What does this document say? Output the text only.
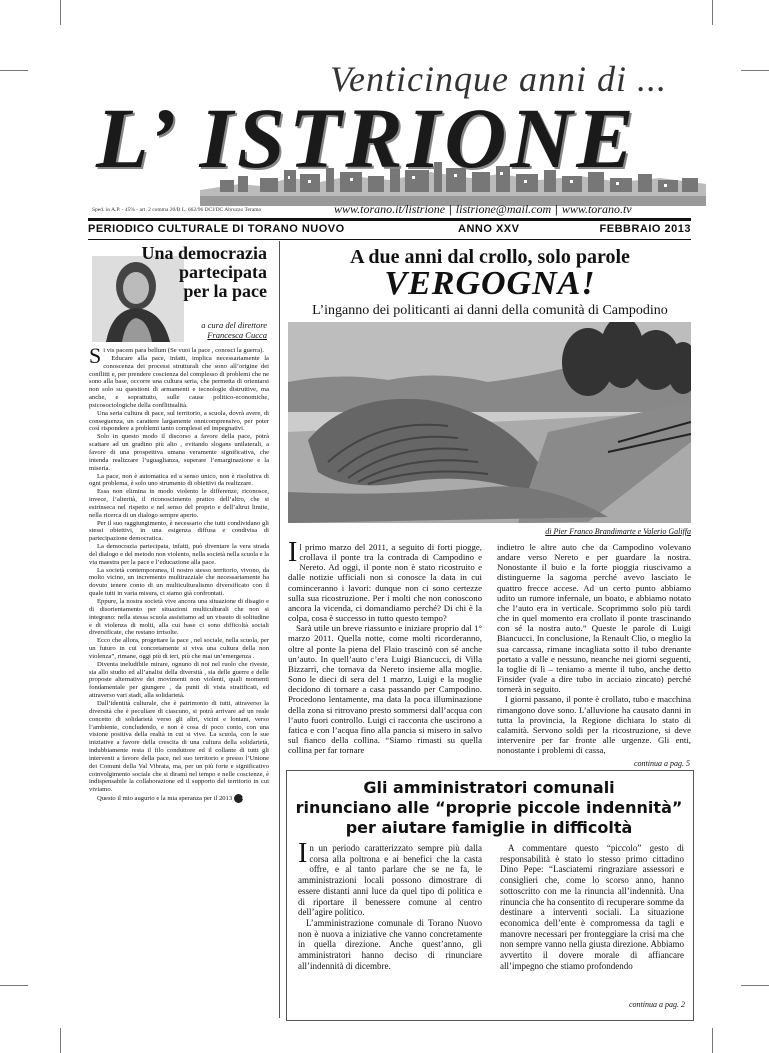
Venticinque anni di ...
L’ ISTRIONE
Sped. in A.P. - 45% - art. 2 comma 20/B L. 662/96 DCI/DC Abruzzo Teramo	www.torano.it/listrione | listrione@mail.com | www.torano.tv
PERIODICO CULTURALE DI TORANO NUOVO	ANNO XXV	FEBBRAIO 2013
Una democrazia
partecipata
per la pace
a cura del direttore
Francesca Cucca

Si vis pacem para bellum (Se vuoi la pace , conosci la guerra).

Educare alla pace, infatti, implica necessariamente la conoscenza dei processi strutturali che sono all’origine dei conflitti e, per prendere coscienza del complesso di problemi che ne sono alla base, occorre una cultura seria, che permetta di orientarsi non solo su questioni di armamenti e tecnologie distruttive, ma anche, e soprattutto, sulle cause politico-economiche, psicosociologiche della conflittualità.

Una seria cultura di pace, sul territorio, a scuola, dovrà avere, di conseguenza, un carattere largamente onnicomprensivo, per poter così rispondere a problemi tanto complessi ed impegnativi.

Solo in questo modo il discorso a favore della pace, potrà scattare ad un gradino più alto , evitando slogans unilaterali, a favore di una prospettiva umana veramente significativa, che intenda realizzare l’uguaglianza, superare l’emarginazione e la miseria.

La pace, non è automatica ed a senso unico, non è risolutiva di ogni problema, è solo uno strumento di obiettivi da realizzare.

Essa non elimina in modo violento le differenze, riconosce, invece, l’alterità, il riconoscimento pratico dell’altro, che si estrinseca nel rispetto e nel senso del proprio e dell’altrui limite, nella ricerca di un dialogo sempre aperto.

Per il suo raggiungimento, è necessario che tutti condividano gli stessi obiettivi, in una esigenza diffusa e condivisa di partecipazione democratica.

La democrazia partecipata, infatti, può diventare la vera strada del dialogo e del metodo non violento, nella società nella scuola e la via maestra per la pace e l’educazione alla pace.

La società contemporanea, il nostro stesso territorio, vivono, da molto vicino, un incremento multirazziale che necessariamente ha dovuto tenere conto di un multiculturalismo diversificato con il quale tutti in varia misura, ci siamo già confrontati.

Eppure, la nostra società vive ancora una situazione di disagio e di disorientamento per situazioni multiculturali che non si integrano: nella stessa scuola assistiamo ad un vissuto di solitudine e di violenza di molti, alla cui base ci sono difficoltà sociali diversificate, che restano irrisolte.

Ecco che allora, progettare la pace , nel sociale, nella scuola, per un futuro in cui concretamente si viva una cultura della non violenza”, rimane, oggi più di ieri, più che mai un’emergenza .

Diventa ineludibile mirare, ognuno di noi nel ruolo che riveste, sia allo studio ed all’analisi della diversità , sia delle guerre e delle proposte alternative dei movimenti non violenti, quali momenti fondamentale per giungere , da punti di vista stratificati, ed attraverso vari stadi, alla solidarietà.

Dall’identità culturale, che è patrimonio di tutti, attraverso la diversità che è peculiare di ciascuno, si potrà arrivare ad un reale concetto di solidarietà verso gli altri, vicini e lontani, verso l’ambiente, concludendo, e non è cosa di poco conto, con una visione positiva della realtà in cui si vive. La scuola, con le sue iniziative a favore della crescita di una cultura della solidarietà, indubbiamente resta il filo conduttore ed il collante di tutti gli interventi a favore della pace, nel suo territorio e presso l’Unione dei Comuni della Val Vibrata, ma, per un più forte e significativo coinvolgimento sociale che si diramì nel tempo e nelle coscienze, è indispensabile la collaborazione ed il supporto del territorio in cui viviamo.

Questo il mio augurio e la mia speranza per il 2013 L

A due anni dal crollo, solo parole
VERGOGNA!
L’inganno dei politicanti ai danni della comunità di Campodino
di Pier Franco Brandimarte e Valerio Galiffa

Il primo marzo del 2011, a seguito di forti piogge, crollava il ponte tra la contrada di Campodino e Nereto. Ad oggi, il ponte non è stato ricostruito e dalle notizie ufficiali non si conosce la data in cui cominceranno i lavori: dunque non ci sono certezze sulla sua ricostruzione. Per i molti che non conoscono ancora la vicenda, ci domandiamo perché? Di chi è la colpa, cosa è successo in tutto questo tempo?

Sarà utile un breve riassunto e iniziare proprio dal 1° marzo 2011. Quella notte, come molti ricorderanno, oltre al ponte la piena del Flaio trascinò con sé anche un’auto. In quell’auto c’era Luigi Biancucci, di Villa Bizzarri, che tornava da Nereto insieme alla moglie. Sono le dieci di sera del 1 marzo, Luigi e la moglie decidono di tornare a casa passando per Campodino. Procedono lentamente, ma data la poca illuminazione della zona si ritrovano presto sommersi dall’acqua con l’auto fuori controllo. Luigi ci racconta che uscirono a fatica e con l’acqua fino alla pancia si misero in salvo sul fianco della collina. “Siamo rimasti su quella collina per far tornare

indietro le altre auto che da Campodino volevano andare verso Nereto e per guardare la nostra. Nonostante il buio e la forte pioggia riuscivamo a distinguerne la sagoma perché avevo lasciato le quattro frecce accese. Ad un certo punto abbiamo udito un rumore infernale, un boato, e abbiamo notato che l’auto era in verticale. Scoprimmo solo più tardi che in quel momento era crollato il ponte trascinando con sé la nostra auto.” Queste le parole di Luigi Biancucci. In conclusione, la Renault Clio, o meglio la sua carcassa, rimane incagliata sotto il tubo drenante portato a valle e nessuno, neanche nei giorni seguenti, la toglie di lì – teniamo a mente il tubo, anche detto Finsider (vale a dire tubo in acciaio zincato) perché tornerà in seguito.

I giorni passano, il ponte è crollato, tubo e macchina rimangono dove sono. L’alluvione ha causato danni in tutta la provincia, la Regione dichiara lo stato di calamità. Servono soldi per la ricostruzione, si deve intervenire per far fronte alle urgenze. Gli enti, nonostante i problemi di cassa,

continua a pag. 5
Gli amministratori comunali
rinunciano alle “proprie piccole indennità”
per aiutare famiglie in difficoltà

In un periodo caratterizzato sempre più dalla corsa alla poltrona e ai benefici che la casta offre, e al tanto parlare che se ne fa, le amministrazioni locali possono dimostrare di essere distanti anni luce da quel tipo di politica e di riportare il benessere comune al centro dell’agire politico.

L’amministrazione comunale di Torano Nuovo non è nuova a iniziative che vanno concretamente in quella direzione. Anche quest’anno, gli amministratori hanno deciso di rinunciare all’indennità di dicembre.

A commentare questo “piccolo” gesto di responsabilità è stato lo stesso primo cittadino Dino Pepe: “Lasciatemi ringraziare assessori e consiglieri che, come lo scorso anno, hanno sottoscritto con me la rinuncia all’indennità. Una rinuncia che ha consentito di recuperare somme da destinare a interventi sociali. La situazione economica dell’ente è compromessa da tagli e manovre necessari per fronteggiare la crisi ma che non sempre vanno nella giusta direzione. Abbiamo avvertito il dovere morale di affiancare all’impegno che stiamo profondendo

continua a pag. 2
